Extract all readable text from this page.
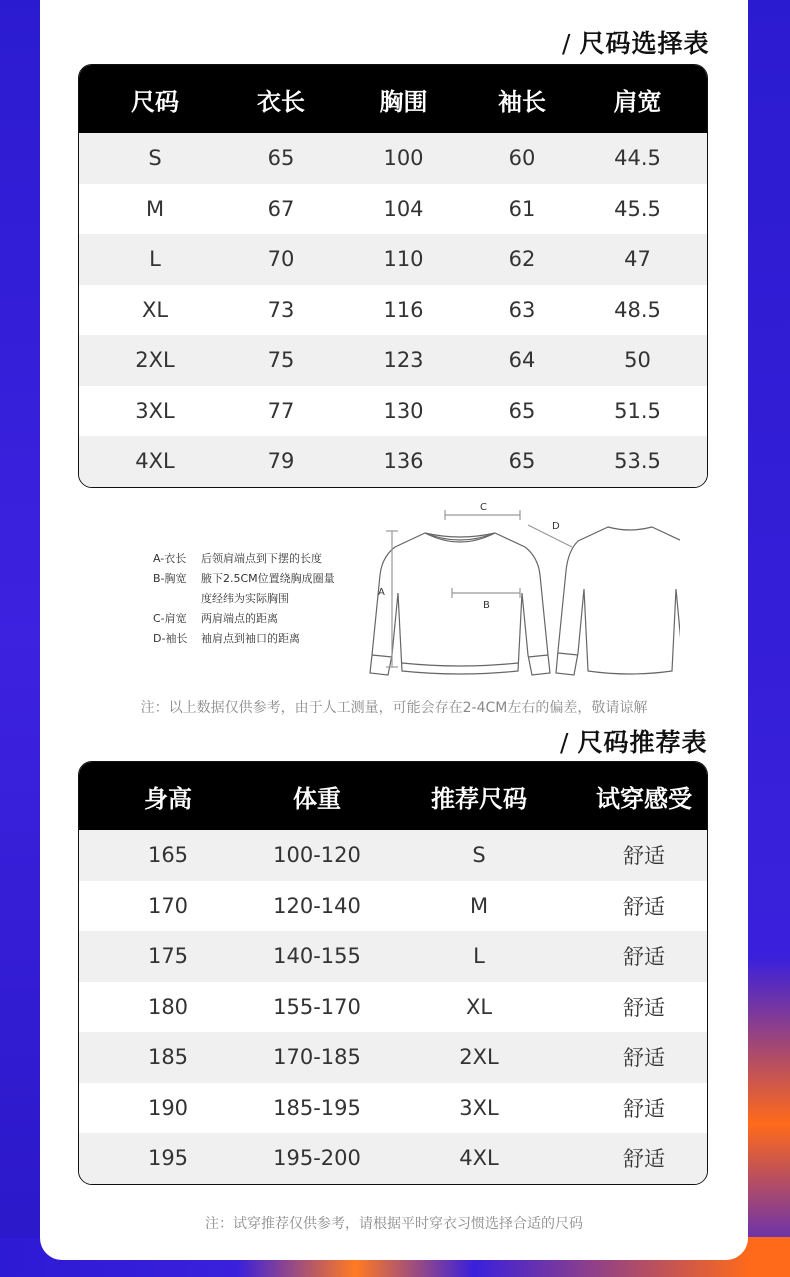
/ 尺码选择表
尺码	衣长	胸围	袖长	肩宽
S	65	100	60	44.5
M	67	104	61	45.5
L	70	110	62	47
XL	73	116	63	48.5
2XL	75	123	64	50
3XL	77	130	65	51.5
4XL	79	136	65	53.5
A-衣长	后领肩端点到下摆的长度
B-胸宽	腋下2.5CM位置绕胸成圈量
度经纬为实际胸围
C-肩宽	两肩端点的距离
D-袖长	袖肩点到袖口的距离
A
B
C
D
注：以上数据仅供参考，由于人工测量，可能会存在2-4CM左右的偏差，敬请谅解
/ 尺码推荐表
身高	体重	推荐尺码	试穿感受
165	100-120	S	舒适
170	120-140	M	舒适
175	140-155	L	舒适
180	155-170	XL	舒适
185	170-185	2XL	舒适
190	185-195	3XL	舒适
195	195-200	4XL	舒适
注：试穿推荐仅供参考，请根据平时穿衣习惯选择合适的尺码
